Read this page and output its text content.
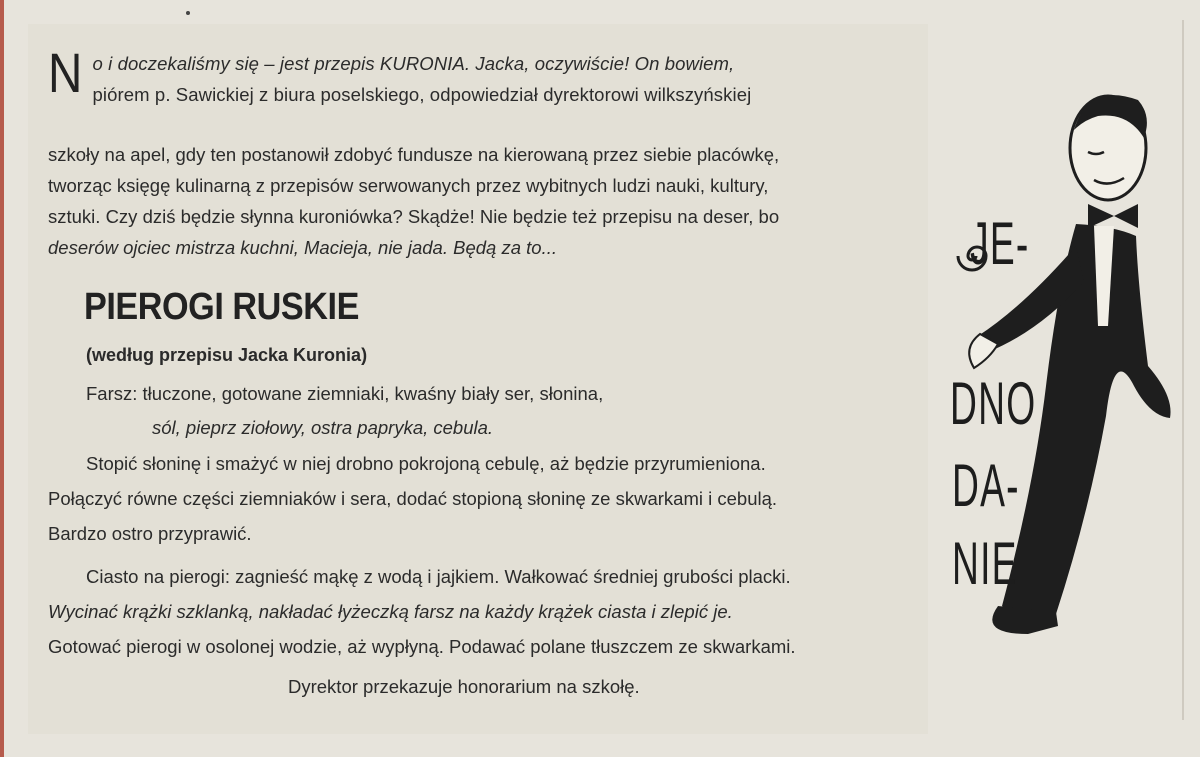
N o i doczekaliśmy się – jest przepis KURONIA. Jacka, oczywiście! On bowiem,
piórem p. Sawickiej z biura poselskiego, odpowiedział dyrektorowi wilkszyńskiej
szkoły na apel, gdy ten postanowił zdobyć fundusze na kierowaną przez siebie placówkę,
tworząc księgę kulinarną z przepisów serwowanych przez wybitnych ludzi nauki, kultury,
sztuki. Czy dziś będzie słynna kuroniówka? Skądże! Nie będzie też przepisu na deser, bo
deserów ojciec mistrza kuchni, Macieja, nie jada. Będą za to...
PIEROGI RUSKIE
(według przepisu Jacka Kuronia)
Farsz: tłuczone, gotowane ziemniaki, kwaśny biały ser, słonina,
sól, pieprz ziołowy, ostra papryka, cebula.
Stopić słoninę i smażyć w niej drobno pokrojoną cebulę, aż będzie przyrumieniona.
Połączyć równe części ziemniaków i sera, dodać stopioną słoninę ze skwarkami i cebulą.
Bardzo ostro przyprawić.
Ciasto na pierogi: zagnieść mąkę z wodą i jajkiem. Wałkować średniej grubości placki.
Wycinać krążki szklanką, nakładać łyżeczką farsz na każdy krążek ciasta i zlepić je.
Gotować pierogi w osolonej wodzie, aż wypłyną. Podawać polane tłuszczem ze skwarkami.
Dyrektor przekazuje honorarium na szkołę.
JE-
DNO
DA-
NIE
